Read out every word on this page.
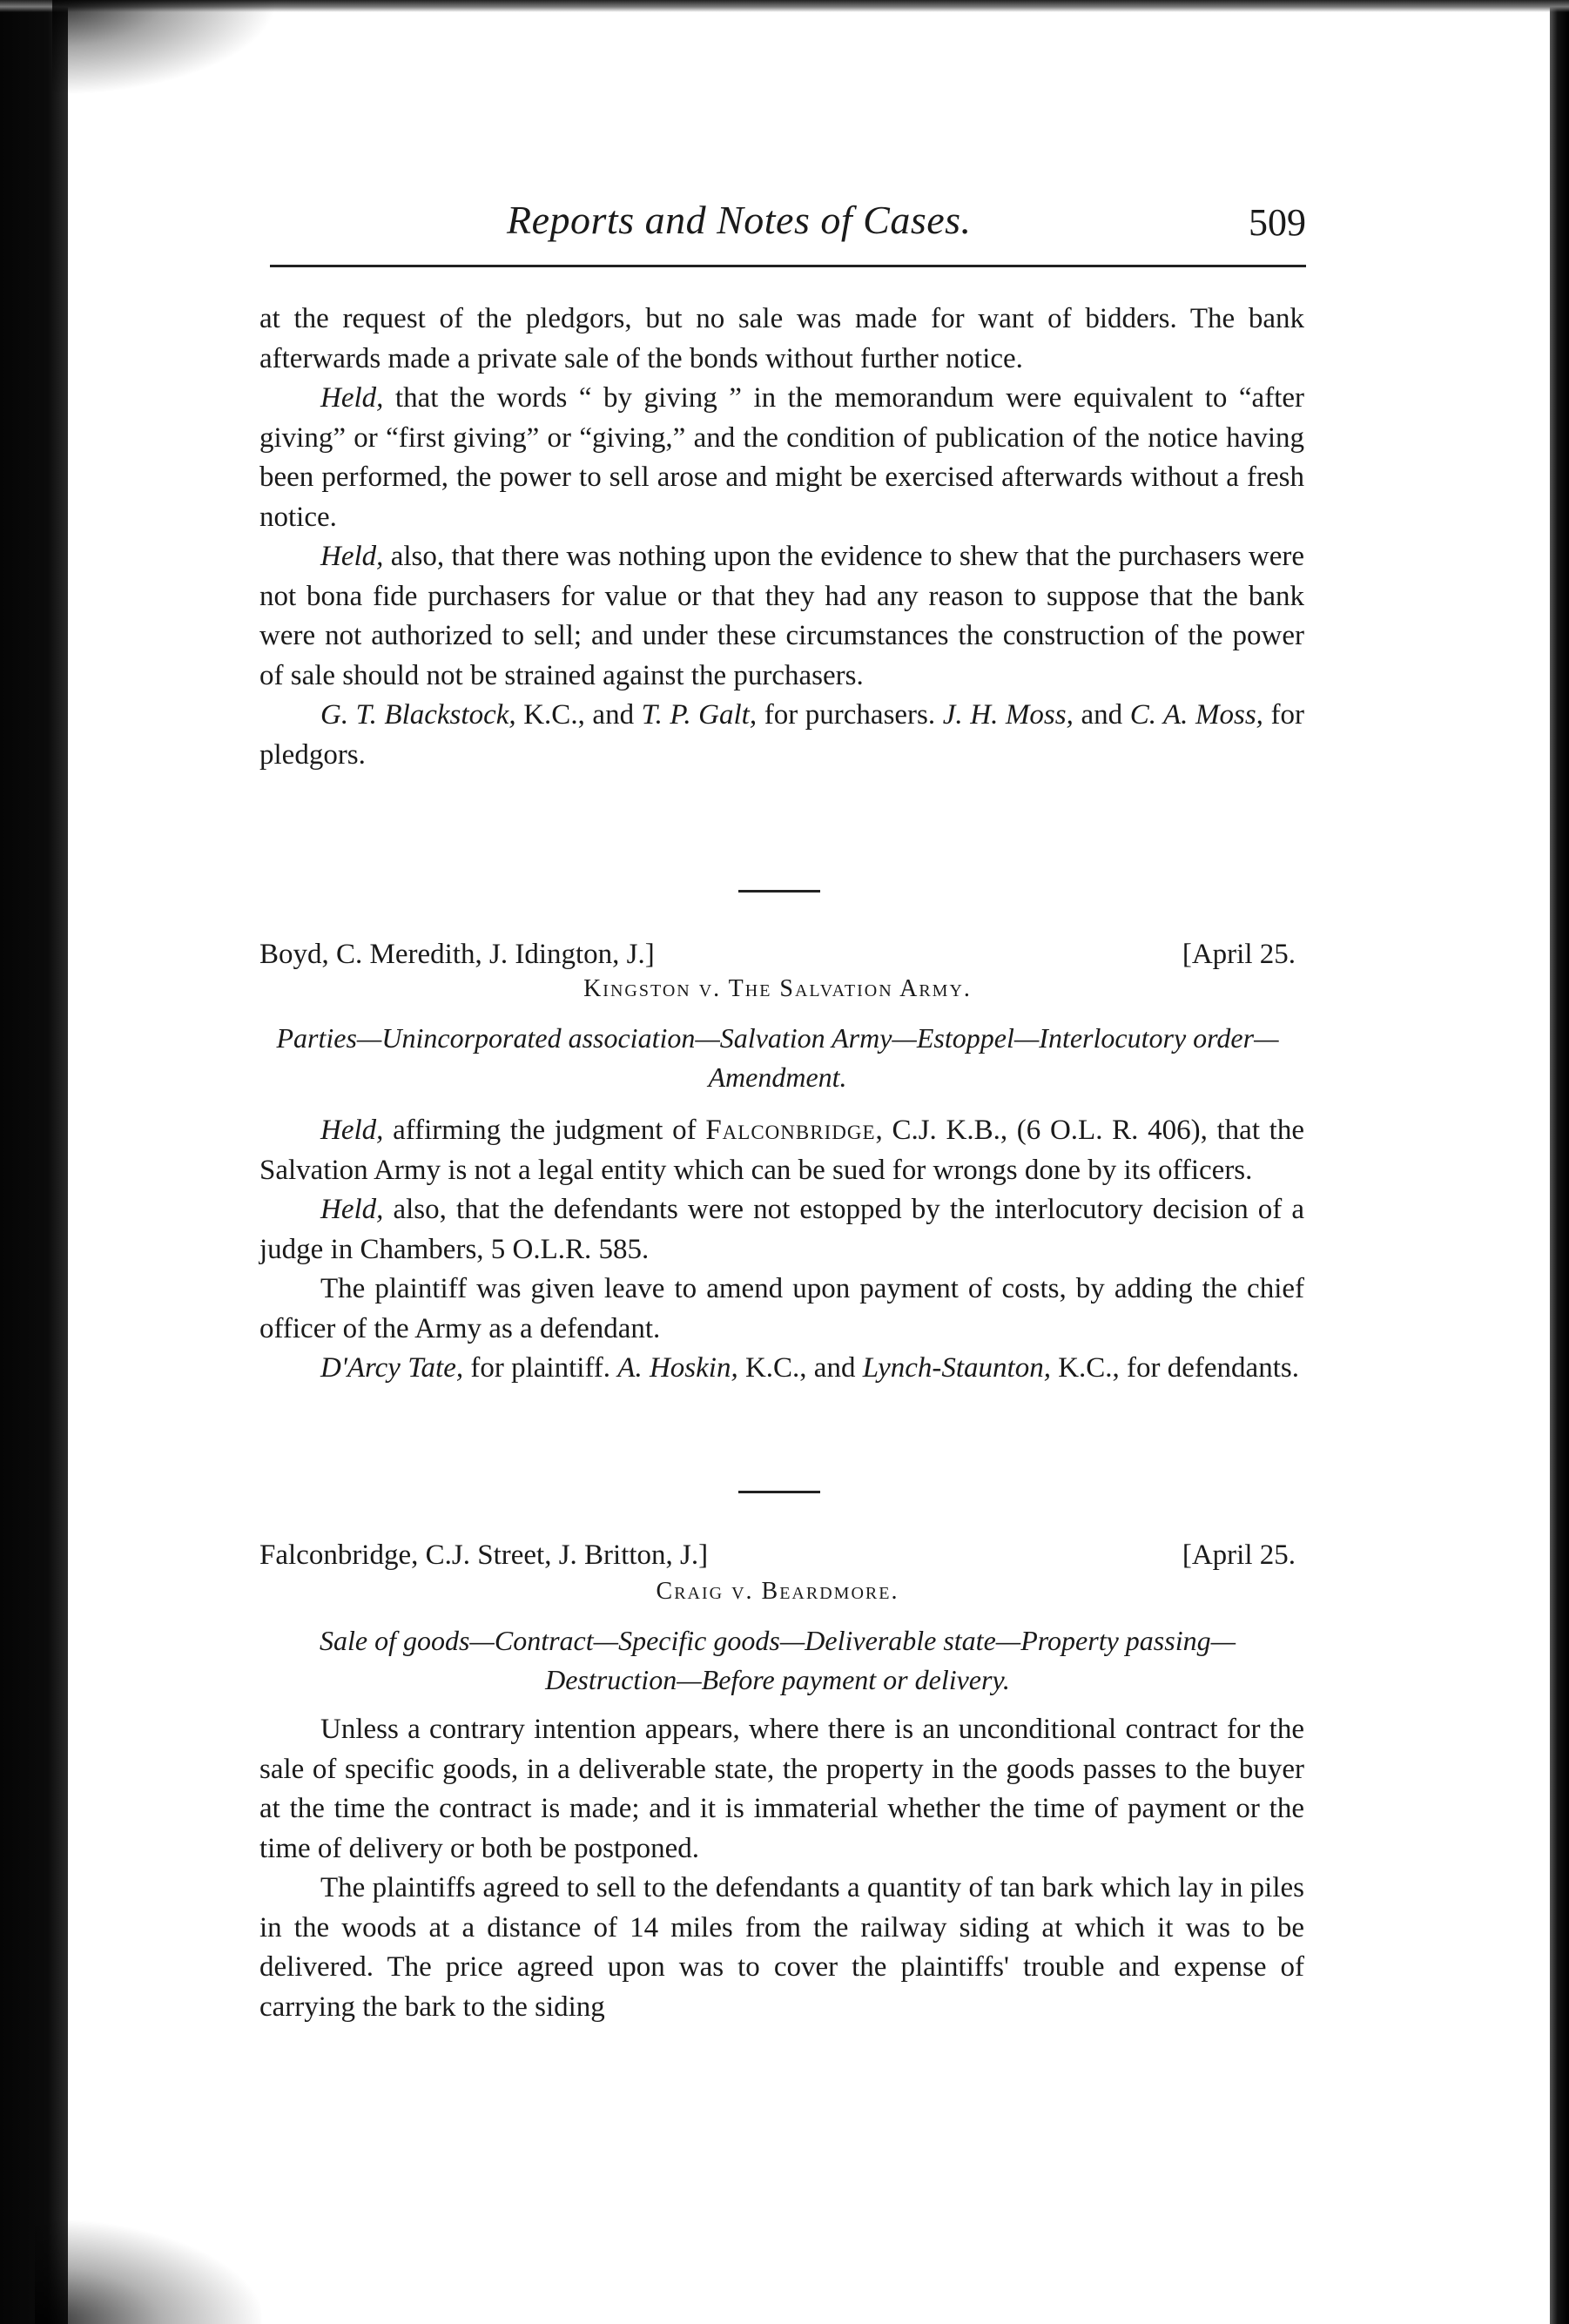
Reports and Notes of Cases.	509

at the request of the pledgors, but no sale was made for want of bidders. The bank afterwards made a private sale of the bonds without further notice.

Held, that the words “ by giving ” in the memorandum were equivalent to “after giving” or “first giving” or “giving,” and the condition of publication of the notice having been performed, the power to sell arose and might be exercised afterwards without a fresh notice.

Held, also, that there was nothing upon the evidence to shew that the purchasers were not bona fide purchasers for value or that they had any reason to suppose that the bank were not authorized to sell; and under these circumstances the construction of the power of sale should not be strained against the purchasers.

G. T. Blackstock, K.C., and T. P. Galt, for purchasers. J. H. Moss, and C. A. Moss, for pledgors.

Boyd, C. Meredith, J. Idington, J.]	[April 25.
Kingston v. The Salvation Army.
Parties—Unincorporated association—Salvation Army—Estoppel—Interlocutory order—Amendment.

Held, affirming the judgment of Falconbridge, C.J. K.B., (6 O.L. R. 406), that the Salvation Army is not a legal entity which can be sued for wrongs done by its officers.

Held, also, that the defendants were not estopped by the interlocutory decision of a judge in Chambers, 5 O.L.R. 585.

The plaintiff was given leave to amend upon payment of costs, by adding the chief officer of the Army as a defendant.

D'Arcy Tate, for plaintiff. A. Hoskin, K.C., and Lynch-Staunton, K.C., for defendants.

Falconbridge, C.J. Street, J. Britton, J.]	[April 25.
Craig v. Beardmore.
Sale of goods—Contract—Specific goods—Deliverable state—Property passing—Destruction—Before payment or delivery.

Unless a contrary intention appears, where there is an unconditional contract for the sale of specific goods, in a deliverable state, the property in the goods passes to the buyer at the time the contract is made; and it is immaterial whether the time of payment or the time of delivery or both be postponed.

The plaintiffs agreed to sell to the defendants a quantity of tan bark which lay in piles in the woods at a distance of 14 miles from the railway siding at which it was to be delivered. The price agreed upon was to cover the plaintiffs' trouble and expense of carrying the bark to the siding
